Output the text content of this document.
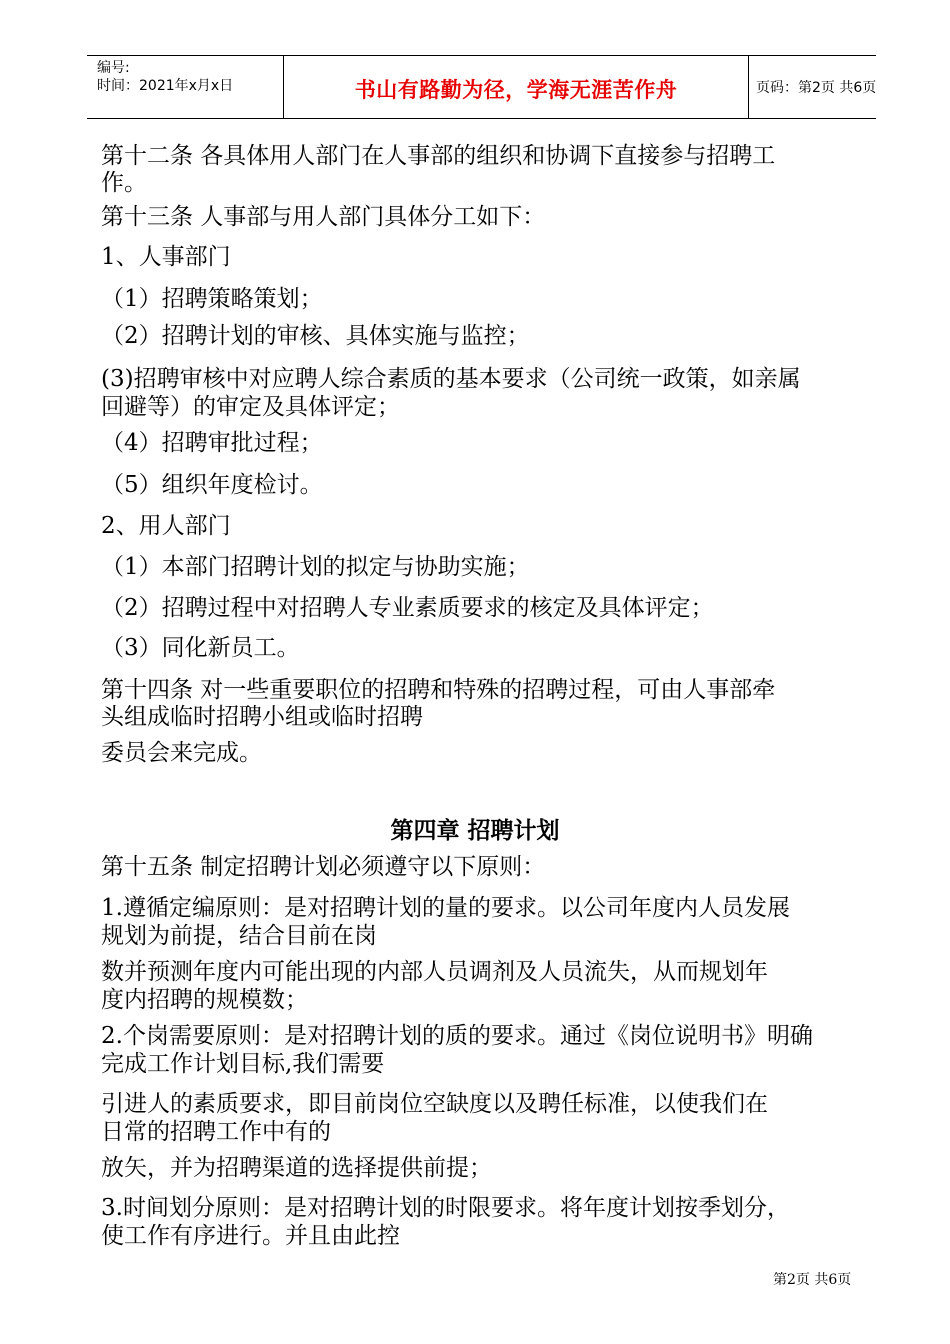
编号:
时间：2021年x月x日	书山有路勤为径，学海无涯苦作舟	页码：第2页 共6页
第十二条 各具体用人部门在人事部的组织和协调下直接参与招聘工
作。
第十三条 人事部与用人部门具体分工如下：
1、人事部门
（1）招聘策略策划；
（2）招聘计划的审核、具体实施与监控；
(3)招聘审核中对应聘人综合素质的基本要求（公司统一政策，如亲属
回避等）的审定及具体评定；
（4）招聘审批过程；
（5）组织年度检讨。
2、用人部门
（1）本部门招聘计划的拟定与协助实施；
（2）招聘过程中对招聘人专业素质要求的核定及具体评定；
（3）同化新员工。
第十四条 对一些重要职位的招聘和特殊的招聘过程，可由人事部牵
头组成临时招聘小组或临时招聘
委员会来完成。
第四章 招聘计划
第十五条 制定招聘计划必须遵守以下原则：
1.遵循定编原则：是对招聘计划的量的要求。以公司年度内人员发展
规划为前提，结合目前在岗
数并预测年度内可能出现的内部人员调剂及人员流失，从而规划年
度内招聘的规模数；
2.个岗需要原则：是对招聘计划的质的要求。通过《岗位说明书》明确
完成工作计划目标,我们需要
引进人的素质要求，即目前岗位空缺度以及聘任标准，以使我们在
日常的招聘工作中有的
放矢，并为招聘渠道的选择提供前提；
3.时间划分原则：是对招聘计划的时限要求。将年度计划按季划分，
使工作有序进行。并且由此控
第2页 共6页
